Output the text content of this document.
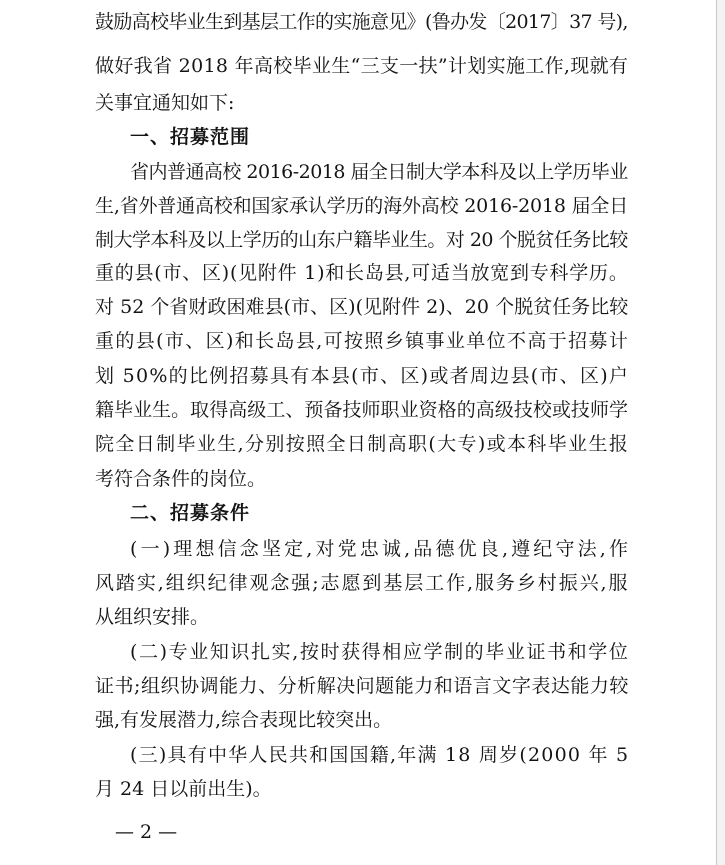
鼓励高校毕业生到基层工作的实施意见》(鲁办发〔2017〕37 号),
做好我省 2018 年高校毕业生“三支一扶”计划实施工作,现就有
关事宜通知如下:
一、招募范围
省内普通高校 2016-2018 届全日制大学本科及以上学历毕业
生,省外普通高校和国家承认学历的海外高校 2016-2018 届全日
制大学本科及以上学历的山东户籍毕业生。对 20 个脱贫任务比较
重的县(市、区)(见附件 1)和长岛县,可适当放宽到专科学历。
对 52 个省财政困难县(市、区)(见附件 2)、20 个脱贫任务比较
重的县(市、区)和长岛县,可按照乡镇事业单位不高于招募计
划 50%的比例招募具有本县(市、区)或者周边县(市、区)户
籍毕业生。取得高级工、预备技师职业资格的高级技校或技师学
院全日制毕业生,分别按照全日制高职(大专)或本科毕业生报
考符合条件的岗位。
二、招募条件
(一)理想信念坚定,对党忠诚,品德优良,遵纪守法,作
风踏实,组织纪律观念强;志愿到基层工作,服务乡村振兴,服
从组织安排。
(二)专业知识扎实,按时获得相应学制的毕业证书和学位
证书;组织协调能力、分析解决问题能力和语言文字表达能力较
强,有发展潜力,综合表现比较突出。
(三)具有中华人民共和国国籍,年满 18 周岁(2000 年 5
月 24 日以前出生)。
— 2 —
